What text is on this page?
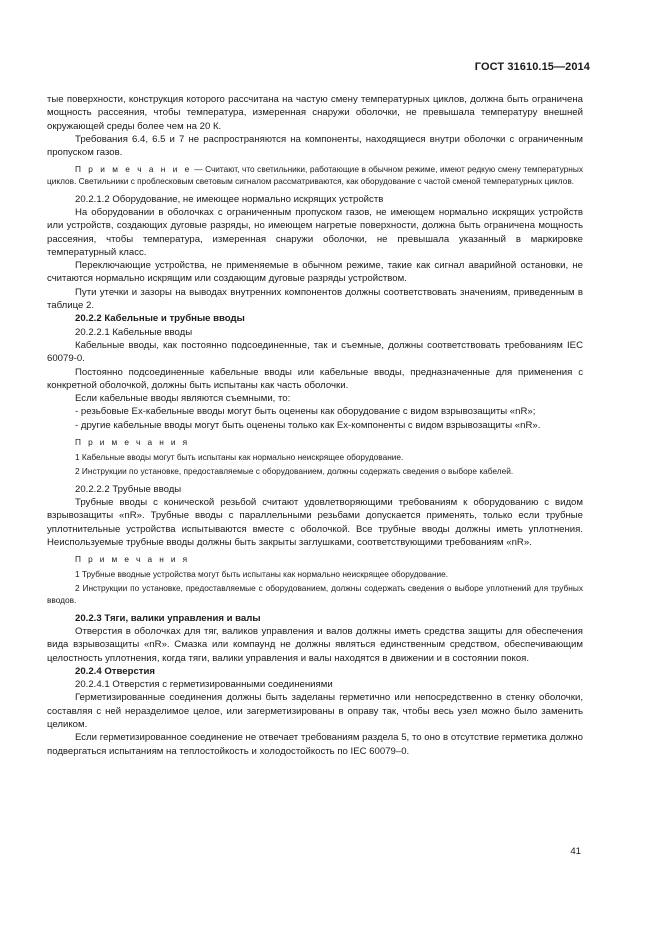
ГОСТ 31610.15—2014

тые поверхности, конструкция которого рассчитана на частую смену температурных циклов, должна быть ограничена мощность рассеяния, чтобы температура, измеренная снаружи оболочки, не превышала температуру внешней окружающей среды более чем на 20 К.

Требования 6.4, 6.5 и 7 не распространяются на компоненты, находящиеся внутри оболочки с ограниченным пропуском газов.

П р и м е ч а н и е — Считают, что светильники, работающие в обычном режиме, имеют редкую смену температурных циклов. Светильники с проблесковым световым сигналом рассматриваются, как оборудование с частой сменой температурных циклов.

20.2.1.2 Оборудование, не имеющее нормально искрящих устройств

На оборудовании в оболочках с ограниченным пропуском газов, не имеющем нормально искрящих устройств или устройств, создающих дуговые разряды, но имеющем нагретые поверхности, должна быть ограничена мощность рассеяния, чтобы температура, измеренная снаружи оболочки, не превышала указанный в маркировке температурный класс.

Переключающие устройства, не применяемые в обычном режиме, такие как сигнал аварийной остановки, не считаются нормально искрящим или создающим дуговые разряды устройством.

Пути утечки и зазоры на выводах внутренних компонентов должны соответствовать значениям, приведенным в таблице 2.

20.2.2 Кабельные и трубные вводы

20.2.2.1 Кабельные вводы

Кабельные вводы, как постоянно подсоединенные, так и съемные, должны соответствовать требованиям IEC 60079-0.

Постоянно подсоединенные кабельные вводы или кабельные вводы, предназначенные для применения с конкретной оболочкой, должны быть испытаны как часть оболочки.

Если кабельные вводы являются съемными, то:

- резьбовые Ex-кабельные вводы могут быть оценены как оборудование с видом взрывозащиты «nR»;

- другие кабельные вводы могут быть оценены только как Ex-компоненты с видом взрывозащиты «nR».

П р и м е ч а н и я

1 Кабельные вводы могут быть испытаны как нормально неискрящее оборудование.

2 Инструкции по установке, предоставляемые с оборудованием, должны содержать сведения о выборе кабелей.

20.2.2.2 Трубные вводы

Трубные вводы с конической резьбой считают удовлетворяющими требованиям к оборудованию с видом взрывозащиты «nR». Трубные вводы с параллельными резьбами допускается применять, только если трубные уплотнительные устройства испытываются вместе с оболочкой. Все трубные вводы должны иметь уплотнения. Неиспользуемые трубные вводы должны быть закрыты заглушками, соответствующими требованиям «nR».

П р и м е ч а н и я

1 Трубные вводные устройства могут быть испытаны как нормально неискрящее оборудование.

2 Инструкции по установке, предоставляемые с оборудованием, должны содержать сведения о выборе уплотнений для трубных вводов.

20.2.3 Тяги, валики управления и валы

Отверстия в оболочках для тяг, валиков управления и валов должны иметь средства защиты для обеспечения вида взрывозащиты «nR». Смазка или компаунд не должны являться единственным средством, обеспечивающим целостность уплотнения, когда тяги, валики управления и валы находятся в движении и в состоянии покоя.

20.2.4 Отверстия

20.2.4.1 Отверстия с герметизированными соединениями

Герметизированные соединения должны быть заделаны герметично или непосредственно в стенку оболочки, составляя с ней неразделимое целое, или загерметизированы в оправу так, чтобы весь узел можно было заменить целиком.

Если герметизированное соединение не отвечает требованиям раздела 5, то оно в отсутствие герметика должно подвергаться испытаниям на теплостойкость и холодостойкость по IEC 60079–0.

41
